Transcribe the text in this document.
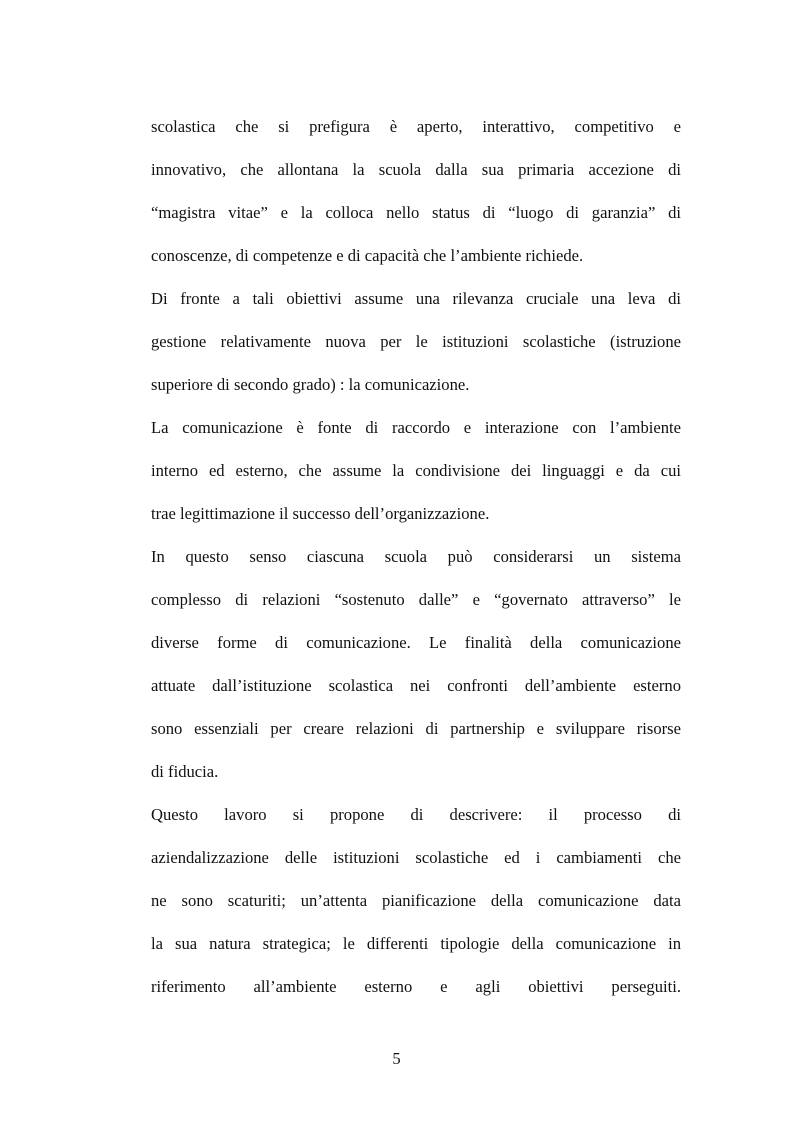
scolastica che si prefigura è aperto, interattivo, competitivo e
innovativo, che allontana la scuola dalla sua primaria accezione di
“magistra vitae” e la colloca nello status di “luogo di garanzia” di
conoscenze, di competenze e di capacità che l’ambiente richiede.
Di fronte a tali obiettivi assume una rilevanza cruciale una leva di
gestione relativamente nuova per le istituzioni scolastiche (istruzione
superiore di secondo grado) : la comunicazione.
La comunicazione è fonte di raccordo e interazione con l’ambiente
interno ed esterno, che assume la condivisione dei linguaggi e da cui
trae legittimazione il successo dell’organizzazione.
In questo senso ciascuna scuola può considerarsi un sistema
complesso di relazioni “sostenuto dalle” e “governato attraverso” le
diverse forme di comunicazione. Le finalità della comunicazione
attuate dall’istituzione scolastica nei confronti dell’ambiente esterno
sono essenziali per creare relazioni di partnership e sviluppare risorse
di fiducia.
Questo lavoro si propone di descrivere: il processo di
aziendalizzazione delle istituzioni scolastiche ed i cambiamenti che
ne sono scaturiti; un’attenta pianificazione della comunicazione data
la sua natura strategica; le differenti tipologie della comunicazione in
riferimento all’ambiente esterno e agli obiettivi perseguiti.
5
